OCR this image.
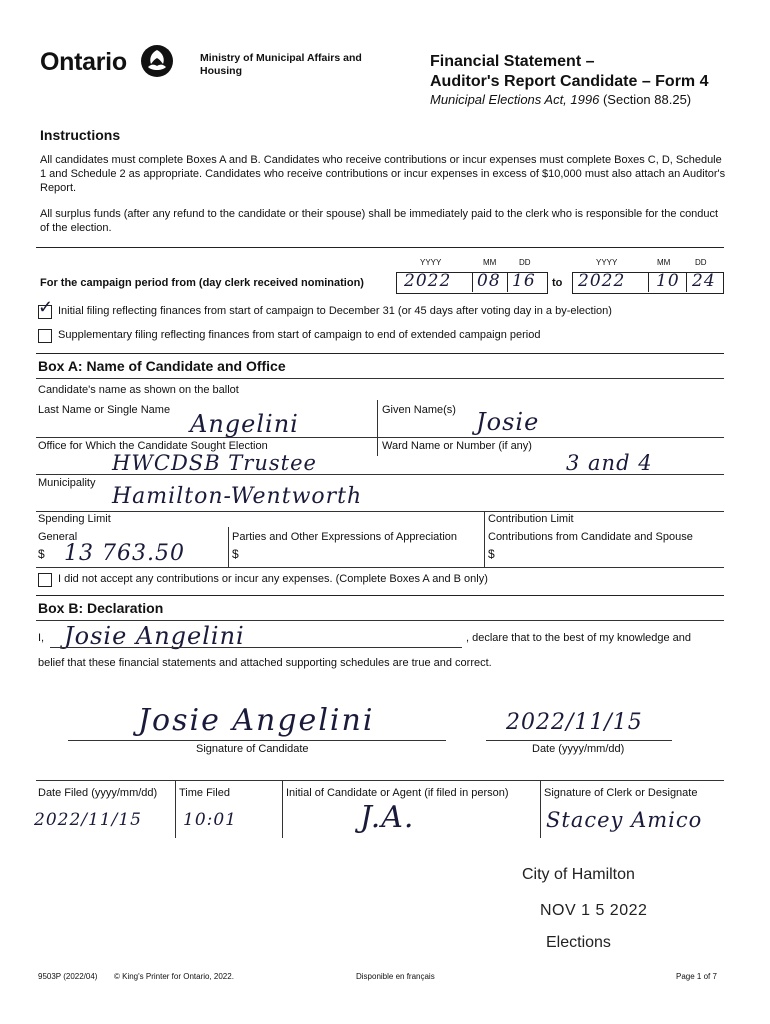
Ontario	Ministry of Municipal Affairs and Housing
Financial Statement –
Auditor's Report Candidate – Form 4
Municipal Elections Act, 1996 (Section 88.25)
Instructions
All candidates must complete Boxes A and B. Candidates who receive contributions or incur expenses must complete Boxes C, D, Schedule 1 and Schedule 2 as appropriate. Candidates who receive contributions or incur expenses in excess of $10,000 must also attach an Auditor's Report.
All surplus funds (after any refund to the candidate or their spouse) shall be immediately paid to the clerk who is responsible for the conduct of the election.
YYYY	MM	DD	YYYY	MM	DD
For the campaign period from (day clerk received nomination) 2022 08 16 to 2022 10 24
✓ Initial filing reflecting finances from start of campaign to December 31 (or 45 days after voting day in a by-election)
Supplementary filing reflecting finances from start of campaign to end of extended campaign period
Box A: Name of Candidate and Office
Candidate's name as shown on the ballot
Last Name or Single Name Angelini	Given Name(s) Josie
Office for Which the Candidate Sought Election
HWCDSB Trustee
Ward Name or Number (if any)
3 and 4
Municipality
Hamilton-Wentworth
Spending Limit	Contribution Limit
General	Parties and Other Expressions of Appreciation	Contributions from Candidate and Spouse
$ 13 763.50	$	$
I did not accept any contributions or incur any expenses. (Complete Boxes A and B only)
Box B: Declaration
I, Josie Angelini	, declare that to the best of my knowledge and
belief that these financial statements and attached supporting schedules are true and correct.
Josie Angelini
Signature of Candidate
2022/11/15
Date (yyyy/mm/dd)
Date Filed (yyyy/mm/dd)
2022/11/15
Time Filed
10:01
Initial of Candidate or Agent (if filed in person)
J.A.
Signature of Clerk or Designate
Stacey Amico
City of Hamilton
NOV 1 5 2022
Elections
9503P (2022/04) © King's Printer for Ontario, 2022.	Disponible en français	Page 1 of 7
